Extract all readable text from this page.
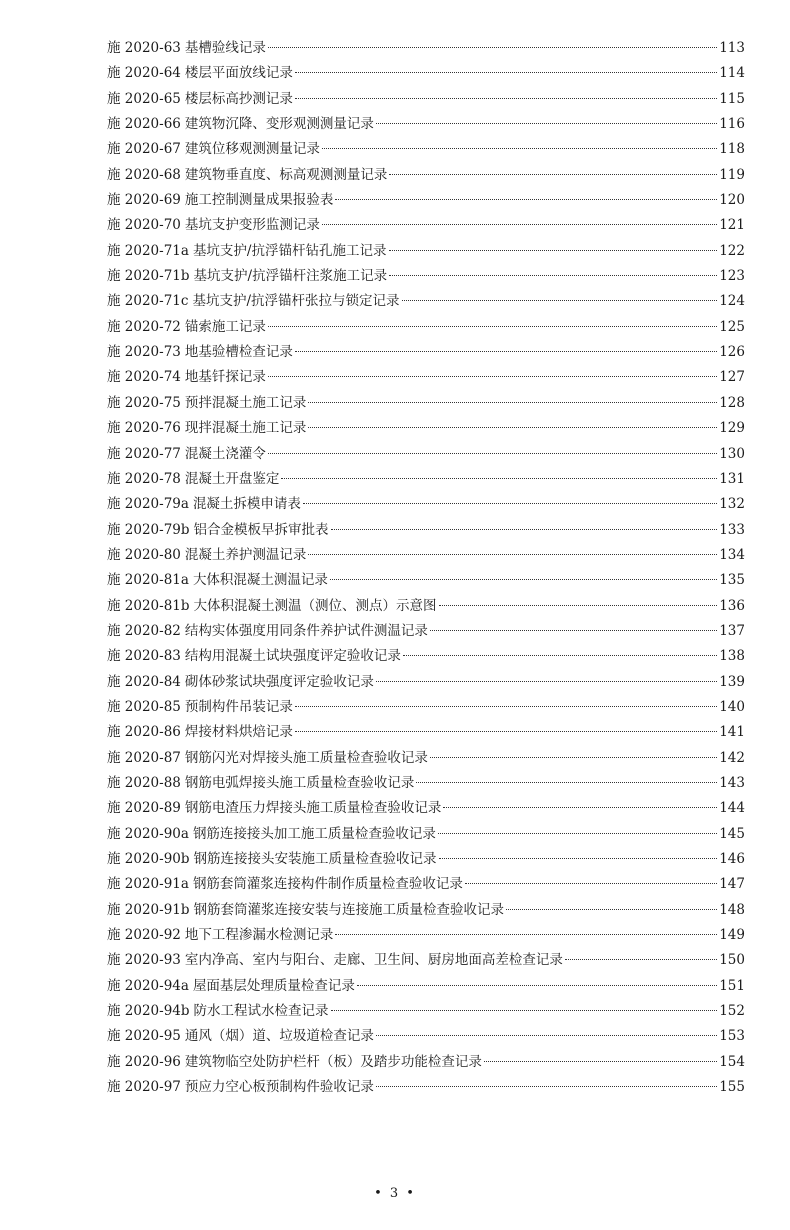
施 2020-63 基槽验线记录	113
施 2020-64 楼层平面放线记录	114
施 2020-65 楼层标高抄测记录	115
施 2020-66 建筑物沉降、变形观测测量记录	116
施 2020-67 建筑位移观测测量记录	118
施 2020-68 建筑物垂直度、标高观测测量记录	119
施 2020-69 施工控制测量成果报验表	120
施 2020-70 基坑支护变形监测记录	121
施 2020-71a 基坑支护/抗浮锚杆钻孔施工记录	122
施 2020-71b 基坑支护/抗浮锚杆注浆施工记录	123
施 2020-71c 基坑支护/抗浮锚杆张拉与锁定记录	124
施 2020-72 锚索施工记录	125
施 2020-73 地基验槽检查记录	126
施 2020-74 地基钎探记录	127
施 2020-75 预拌混凝土施工记录	128
施 2020-76 现拌混凝土施工记录	129
施 2020-77 混凝土浇灌令	130
施 2020-78 混凝土开盘鉴定	131
施 2020-79a 混凝土拆模申请表	132
施 2020-79b 铝合金模板早拆审批表	133
施 2020-80 混凝土养护测温记录	134
施 2020-81a 大体积混凝土测温记录	135
施 2020-81b 大体积混凝土测温（测位、测点）示意图	136
施 2020-82 结构实体强度用同条件养护试件测温记录	137
施 2020-83 结构用混凝土试块强度评定验收记录	138
施 2020-84 砌体砂浆试块强度评定验收记录	139
施 2020-85 预制构件吊装记录	140
施 2020-86 焊接材料烘焙记录	141
施 2020-87 钢筋闪光对焊接头施工质量检查验收记录	142
施 2020-88 钢筋电弧焊接头施工质量检查验收记录	143
施 2020-89 钢筋电渣压力焊接头施工质量检查验收记录	144
施 2020-90a 钢筋连接接头加工施工质量检查验收记录	145
施 2020-90b 钢筋连接接头安装施工质量检查验收记录	146
施 2020-91a 钢筋套筒灌浆连接构件制作质量检查验收记录	147
施 2020-91b 钢筋套筒灌浆连接安装与连接施工质量检查验收记录	148
施 2020-92 地下工程渗漏水检测记录	149
施 2020-93 室内净高、室内与阳台、走廊、卫生间、厨房地面高差检查记录	150
施 2020-94a 屋面基层处理质量检查记录	151
施 2020-94b 防水工程试水检查记录	152
施 2020-95 通风（烟）道、垃圾道检查记录	153
施 2020-96 建筑物临空处防护栏杆（板）及踏步功能检查记录	154
施 2020-97 预应力空心板预制构件验收记录	155
• 3 •
